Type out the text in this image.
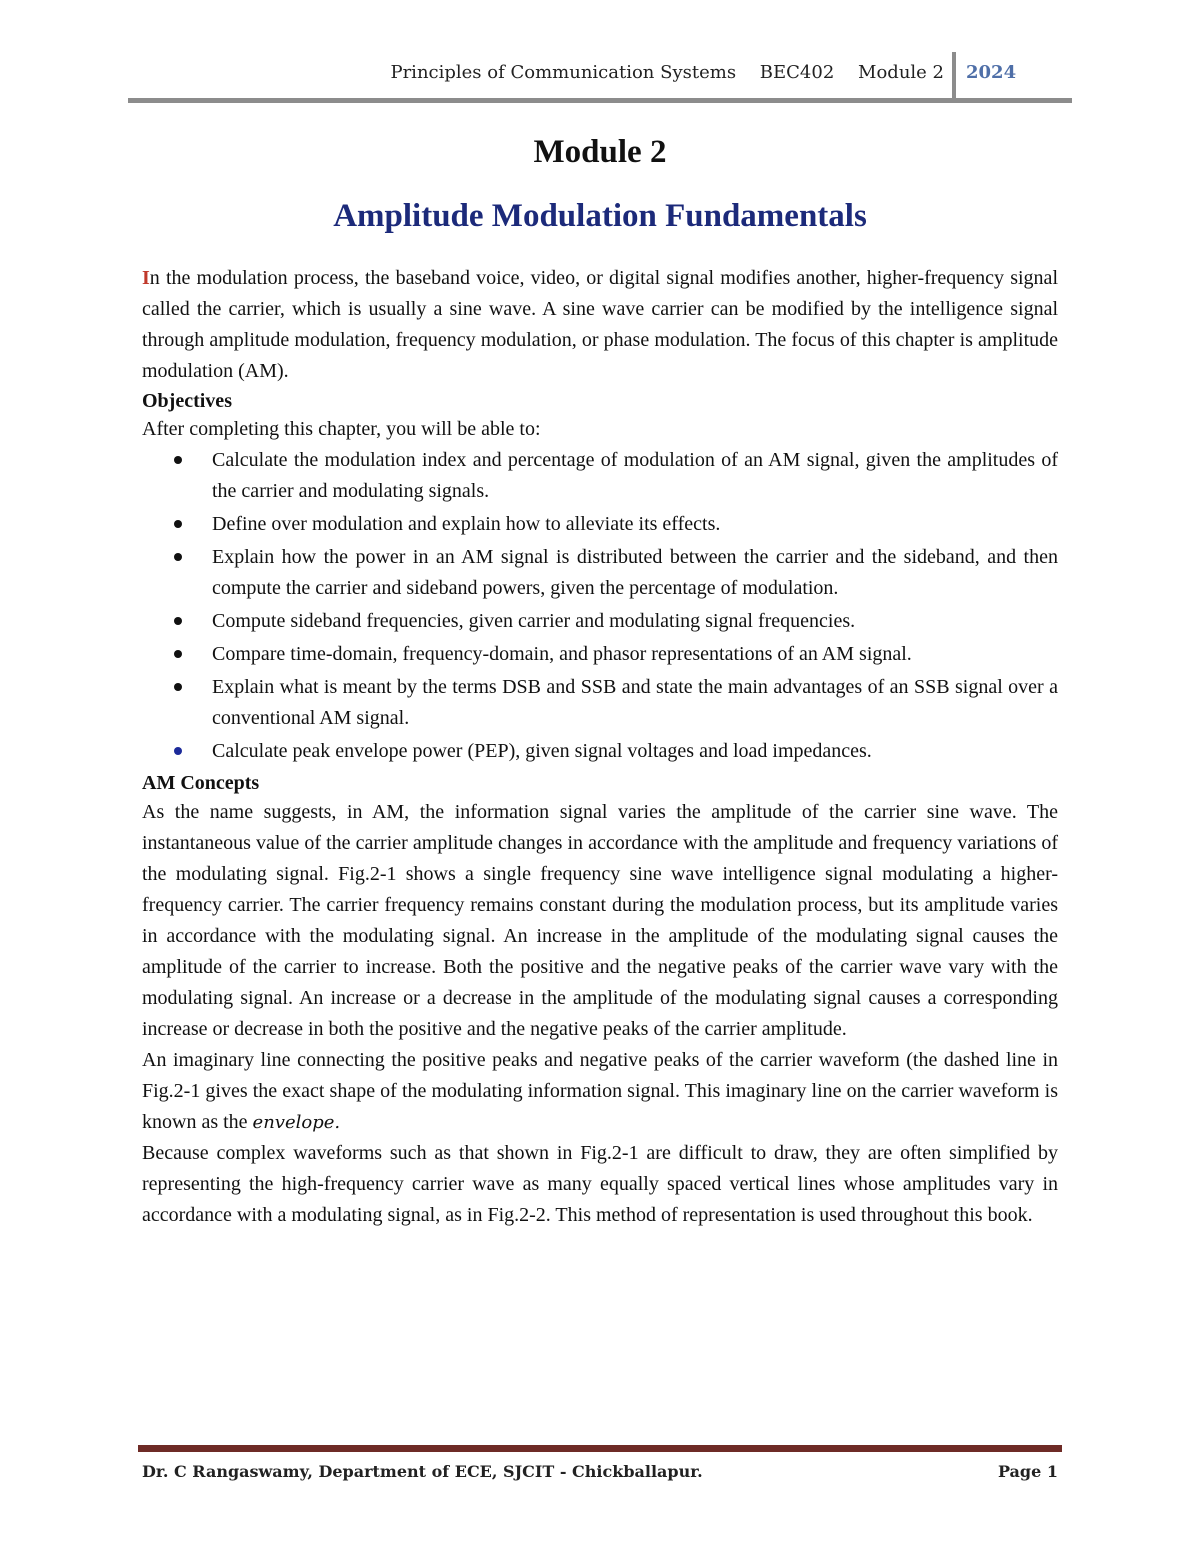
Principles of Communication Systems BEC402 Module 2 2024
Module 2
Amplitude Modulation Fundamentals

In the modulation process, the baseband voice, video, or digital signal modifies another, higher-frequency signal called the carrier, which is usually a sine wave. A sine wave carrier can be modified by the intelligence signal through amplitude modulation, frequency modulation, or phase modulation. The focus of this chapter is amplitude modulation (AM).

Objectives
After completing this chapter, you will be able to:
Calculate the modulation index and percentage of modulation of an AM signal, given the amplitudes of the carrier and modulating signals.
Define over modulation and explain how to alleviate its effects.
Explain how the power in an AM signal is distributed between the carrier and the sideband, and then compute the carrier and sideband powers, given the percentage of modulation.
Compute sideband frequencies, given carrier and modulating signal frequencies.
Compare time-domain, frequency-domain, and phasor representations of an AM signal.
Explain what is meant by the terms DSB and SSB and state the main advantages of an SSB signal over a conventional AM signal.
Calculate peak envelope power (PEP), given signal voltages and load impedances.
AM Concepts

As the name suggests, in AM, the information signal varies the amplitude of the carrier sine wave. The instantaneous value of the carrier amplitude changes in accordance with the amplitude and frequency variations of the modulating signal. Fig.2-1 shows a single frequency sine wave intelligence signal modulating a higher-frequency carrier. The carrier frequency remains constant during the modulation process, but its amplitude varies in accordance with the modulating signal. An increase in the amplitude of the modulating signal causes the amplitude of the carrier to increase. Both the positive and the negative peaks of the carrier wave vary with the modulating signal. An increase or a decrease in the amplitude of the modulating signal causes a corresponding increase or decrease in both the positive and the negative peaks of the carrier amplitude.

An imaginary line connecting the positive peaks and negative peaks of the carrier waveform (the dashed line in Fig.2-1 gives the exact shape of the modulating information signal. This imaginary line on the carrier waveform is known as the envelope.

Because complex waveforms such as that shown in Fig.2-1 are difficult to draw, they are often simplified by representing the high-frequency carrier wave as many equally spaced vertical lines whose amplitudes vary in accordance with a modulating signal, as in Fig.2-2. This method of representation is used throughout this book.

Dr. C Rangaswamy, Department of ECE, SJCIT - Chickballapur.	Page 1
